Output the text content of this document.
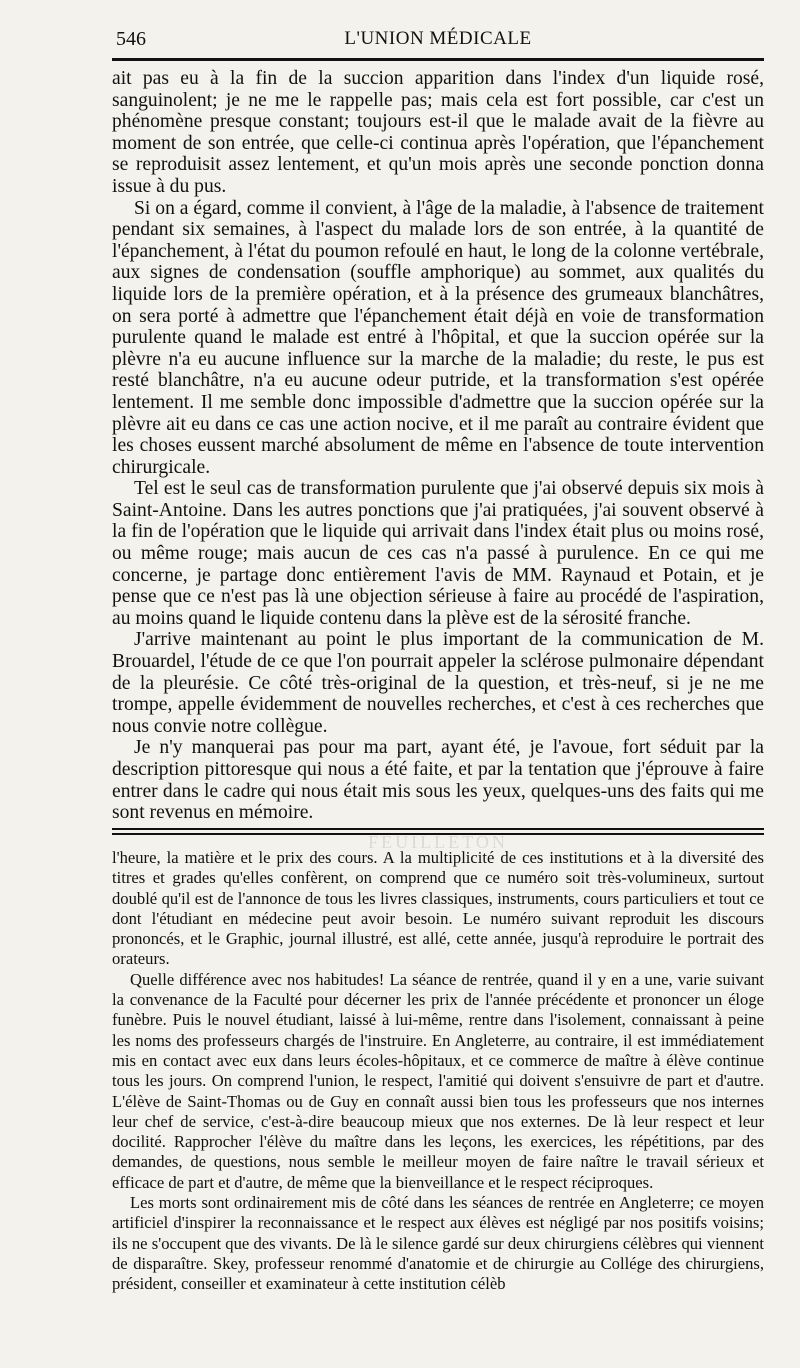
546	L'UNION MÉDICALE

ait pas eu à la fin de la succion apparition dans l'index d'un liquide rosé, sanguinolent; je ne me le rappelle pas; mais cela est fort possible, car c'est un phénomène presque constant; toujours est-il que le malade avait de la fièvre au moment de son entrée, que celle-ci continua après l'opération, que l'épanchement se reproduisit assez lentement, et qu'un mois après une seconde ponction donna issue à du pus.

Si on a égard, comme il convient, à l'âge de la maladie, à l'absence de traitement pendant six semaines, à l'aspect du malade lors de son entrée, à la quantité de l'épanchement, à l'état du poumon refoulé en haut, le long de la colonne vertébrale, aux signes de condensation (souffle amphorique) au sommet, aux qualités du liquide lors de la première opération, et à la présence des grumeaux blanchâtres, on sera porté à admettre que l'épanchement était déjà en voie de transformation purulente quand le malade est entré à l'hôpital, et que la succion opérée sur la plèvre n'a eu aucune influence sur la marche de la maladie; du reste, le pus est resté blanchâtre, n'a eu aucune odeur putride, et la transformation s'est opérée lentement. Il me semble donc impossible d'admettre que la succion opérée sur la plèvre ait eu dans ce cas une action nocive, et il me paraît au contraire évident que les choses eussent marché absolument de même en l'absence de toute intervention chirurgicale.

Tel est le seul cas de transformation purulente que j'ai observé depuis six mois à Saint-Antoine. Dans les autres ponctions que j'ai pratiquées, j'ai souvent observé à la fin de l'opération que le liquide qui arrivait dans l'index était plus ou moins rosé, ou même rouge; mais aucun de ces cas n'a passé à purulence. En ce qui me concerne, je partage donc entièrement l'avis de MM. Raynaud et Potain, et je pense que ce n'est pas là une objection sérieuse à faire au procédé de l'aspiration, au moins quand le liquide contenu dans la plève est de la sérosité franche.

J'arrive maintenant au point le plus important de la communication de M. Brouardel, l'étude de ce que l'on pourrait appeler la sclérose pulmonaire dépendant de la pleurésie. Ce côté très-original de la question, et très-neuf, si je ne me trompe, appelle évidemment de nouvelles recherches, et c'est à ces recherches que nous convie notre collègue.

Je n'y manquerai pas pour ma part, ayant été, je l'avoue, fort séduit par la description pittoresque qui nous a été faite, et par la tentation que j'éprouve à faire entrer dans le cadre qui nous était mis sous les yeux, quelques-uns des faits qui me sont revenus en mémoire.

FEUILLETON

l'heure, la matière et le prix des cours. A la multiplicité de ces institutions et à la diversité des titres et grades qu'elles confèrent, on comprend que ce numéro soit très-volumineux, surtout doublé qu'il est de l'annonce de tous les livres classiques, instruments, cours particuliers et tout ce dont l'étudiant en médecine peut avoir besoin. Le numéro suivant reproduit les discours prononcés, et le Graphic, journal illustré, est allé, cette année, jusqu'à reproduire le portrait des orateurs.

Quelle différence avec nos habitudes! La séance de rentrée, quand il y en a une, varie suivant la convenance de la Faculté pour décerner les prix de l'année précédente et prononcer un éloge funèbre. Puis le nouvel étudiant, laissé à lui-même, rentre dans l'isolement, connaissant à peine les noms des professeurs chargés de l'instruire. En Angleterre, au contraire, il est immédiatement mis en contact avec eux dans leurs écoles-hôpitaux, et ce commerce de maître à élève continue tous les jours. On comprend l'union, le respect, l'amitié qui doivent s'ensuivre de part et d'autre. L'élève de Saint-Thomas ou de Guy en connaît aussi bien tous les professeurs que nos internes leur chef de service, c'est-à-dire beaucoup mieux que nos externes. De là leur respect et leur docilité. Rapprocher l'élève du maître dans les leçons, les exercices, les répétitions, par des demandes, de questions, nous semble le meilleur moyen de faire naître le travail sérieux et efficace de part et d'autre, de même que la bienveillance et le respect réciproques.

Les morts sont ordinairement mis de côté dans les séances de rentrée en Angleterre; ce moyen artificiel d'inspirer la reconnaissance et le respect aux élèves est négligé par nos positifs voisins; ils ne s'occupent que des vivants. De là le silence gardé sur deux chirurgiens célèbres qui viennent de disparaître. Skey, professeur renommé d'anatomie et de chirurgie au Collége des chirurgiens, président, conseiller et examinateur à cette institution célèb
